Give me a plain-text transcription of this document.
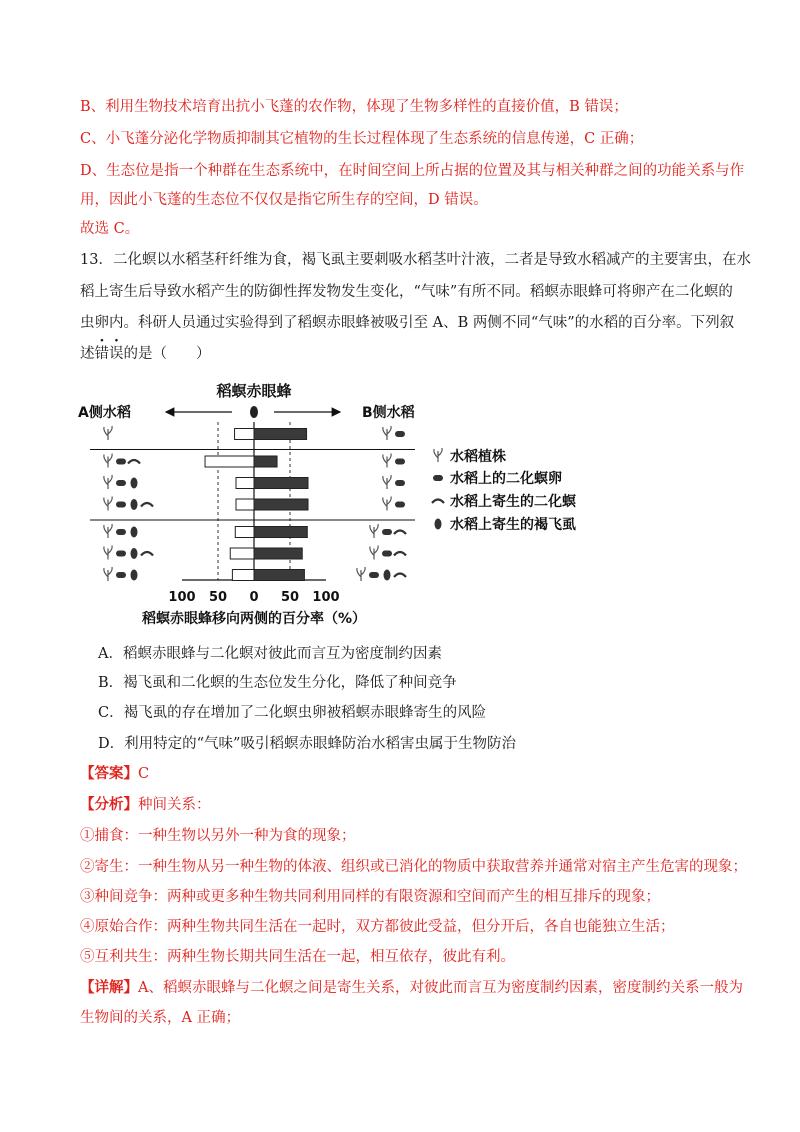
B、利用生物技术培育出抗小飞蓬的农作物，体现了生物多样性的直接价值，B 错误；
C、小飞蓬分泌化学物质抑制其它植物的生长过程体现了生态系统的信息传递，C 正确；
D、生态位是指一个种群在生态系统中，在时间空间上所占据的位置及其与相关种群之间的功能关系与作
用，因此小飞蓬的生态位不仅仅是指它所生存的空间，D 错误。
故选 C。
13．二化螟以水稻茎秆纤维为食，褐飞虱主要刺吸水稻茎叶汁液，二者是导致水稻减产的主要害虫，在水
稻上寄生后导致水稻产生的防御性挥发物发生变化，“气味”有所不同。稻螟赤眼蜂可将卵产在二化螟的
虫卵内。科研人员通过实验得到了稻螟赤眼蜂被吸引至 A、B 两侧不同“气味”的水稻的百分率。下列叙
述错误的是（　　）
稻螟赤眼蜂
A侧水稻	B侧水稻
100 50 0 50 100
稻螟赤眼蜂移向两侧的百分率（%）
水稻植株
水稻上的二化螟卵
水稻上寄生的二化螟
水稻上寄生的褐飞虱
A．稻螟赤眼蜂与二化螟对彼此而言互为密度制约因素
B．褐飞虱和二化螟的生态位发生分化，降低了种间竞争
C．褐飞虱的存在增加了二化螟虫卵被稻螟赤眼蜂寄生的风险
D．利用特定的“气味”吸引稻螟赤眼蜂防治水稻害虫属于生物防治
【答案】C
【分析】种间关系：
①捕食：一种生物以另外一种为食的现象；
②寄生：一种生物从另一种生物的体液、组织或已消化的物质中获取营养并通常对宿主产生危害的现象；
③种间竞争：两种或更多种生物共同利用同样的有限资源和空间而产生的相互排斥的现象；
④原始合作：两种生物共同生活在一起时，双方都彼此受益，但分开后，各自也能独立生活；
⑤互利共生：两种生物长期共同生活在一起，相互依存，彼此有利。
【详解】A、稻螟赤眼蜂与二化螟之间是寄生关系，对彼此而言互为密度制约因素，密度制约关系一般为
生物间的关系，A 正确；
